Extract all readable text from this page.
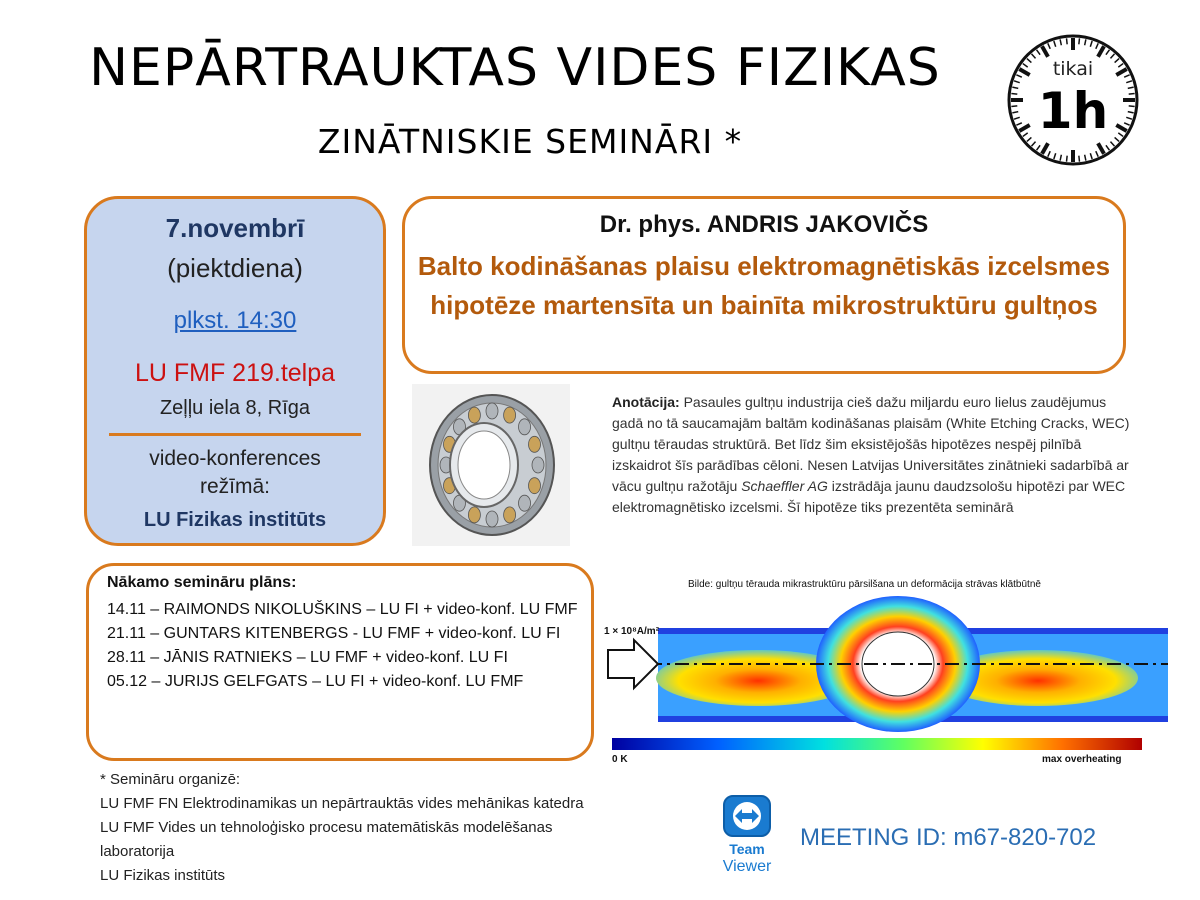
NEPĀRTRAUKTAS VIDES FIZIKAS
ZINĀTNISKIE SEMINĀRI *
tikai
1h
7.novembrī
(piektdiena)
plkst. 14:30
LU FMF 219.telpa
Zeļļu iela 8, Rīga
video-konferences
režīmā:
LU Fizikas institūts
Dr. phys. ANDRIS JAKOVIČS
Balto kodināšanas plaisu elektromagnētiskās izcelsmes hipotēze martensīta un bainīta mikrostruktūru gultņos
Anotācija: Pasaules gultņu industrija cieš dažu miljardu euro lielus zaudējumus gadā no tā saucamajām baltām kodināšanas plaisām (White Etching Cracks, WEC) gultņu tēraudas struktūrā. Bet līdz šim eksistējošās hipotēzes nespēj pilnībā izskaidrot šīs parādības cēloni. Nesen Latvijas Universitātes zinātnieki sadarbībā ar vācu gultņu ražotāju Schaeffler AG izstrādāja jaunu daudzsološu hipotēzi par WEC elektromagnētisko izcelsmi. Šī hipotēze tiks prezentēta seminārā
Nākamo semināru plāns:
14.11 – RAIMONDS NIKOLUŠKINS – LU FI + video-konf. LU FMF
21.11 – GUNTARS KITENBERGS - LU FMF + video-konf. LU FI
28.11 – JĀNIS RATNIEKS – LU FMF + video-konf. LU FI
05.12 – JURIJS GELFGATS – LU FI + video-konf. LU FMF
Bilde: gultņu tērauda mikrastruktūru pārsilšana un deformācija strāvas klātbūtnē
1 × 10⁸A/m²
0 K	max overheating
* Semināru organizē:
LU FMF FN Elektrodinamikas un nepārtrauktās vides mehānikas katedra
LU FMF Vides un tehnoloģisko procesu matemātiskās modelēšanas
laboratorija
LU Fizikas institūts
Team
Viewer
MEETING ID: m67-820-702
